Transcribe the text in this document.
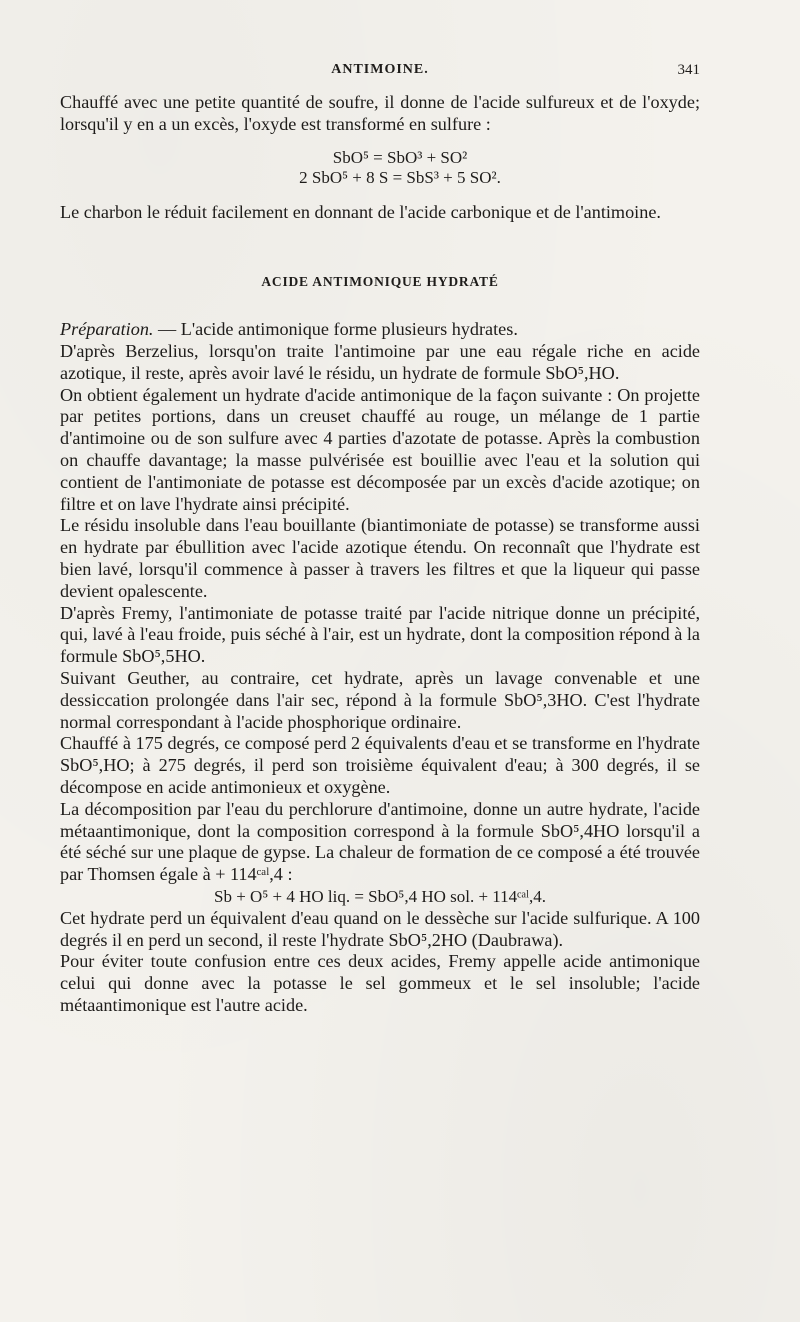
ANTIMOINE.	341

Chauffé avec une petite quantité de soufre, il donne de l'acide sulfureux et de l'oxyde; lorsqu'il y en a un excès, l'oxyde est transformé en sulfure :

SbO⁵ = SbO³ + SO²

2 SbO⁵ + 8 S = SbS³ + 5 SO².

Le charbon le réduit facilement en donnant de l'acide carbonique et de l'antimoine.

ACIDE ANTIMONIQUE HYDRATÉ

Préparation. — L'acide antimonique forme plusieurs hydrates.

D'après Berzelius, lorsqu'on traite l'antimoine par une eau régale riche en acide azotique, il reste, après avoir lavé le résidu, un hydrate de formule SbO⁵,HO.

On obtient également un hydrate d'acide antimonique de la façon suivante : On projette par petites portions, dans un creuset chauffé au rouge, un mélange de 1 partie d'antimoine ou de son sulfure avec 4 parties d'azotate de potasse. Après la combustion on chauffe davantage; la masse pulvérisée est bouillie avec l'eau et la solution qui contient de l'antimoniate de potasse est décomposée par un excès d'acide azotique; on filtre et on lave l'hydrate ainsi précipité.

Le résidu insoluble dans l'eau bouillante (biantimoniate de potasse) se transforme aussi en hydrate par ébullition avec l'acide azotique étendu. On reconnaît que l'hydrate est bien lavé, lorsqu'il commence à passer à travers les filtres et que la liqueur qui passe devient opalescente.

D'après Fremy, l'antimoniate de potasse traité par l'acide nitrique donne un précipité, qui, lavé à l'eau froide, puis séché à l'air, est un hydrate, dont la composition répond à la formule SbO⁵,5HO.

Suivant Geuther, au contraire, cet hydrate, après un lavage convenable et une dessiccation prolongée dans l'air sec, répond à la formule SbO⁵,3HO. C'est l'hydrate normal correspondant à l'acide phosphorique ordinaire.

Chauffé à 175 degrés, ce composé perd 2 équivalents d'eau et se transforme en l'hydrate SbO⁵,HO; à 275 degrés, il perd son troisième équivalent d'eau; à 300 degrés, il se décompose en acide antimonieux et oxygène.

La décomposition par l'eau du perchlorure d'antimoine, donne un autre hydrate, l'acide métaantimonique, dont la composition correspond à la formule SbO⁵,4HO lorsqu'il a été séché sur une plaque de gypse. La chaleur de formation de ce composé a été trouvée par Thomsen égale à + 114ᶜᵃˡ,4 :

Sb + O⁵ + 4 HO liq. = SbO⁵,4 HO sol. + 114ᶜᵃˡ,4.

Cet hydrate perd un équivalent d'eau quand on le dessèche sur l'acide sulfurique. A 100 degrés il en perd un second, il reste l'hydrate SbO⁵,2HO (Daubrawa).

Pour éviter toute confusion entre ces deux acides, Fremy appelle acide antimonique celui qui donne avec la potasse le sel gommeux et le sel insoluble; l'acide métaantimonique est l'autre acide.
